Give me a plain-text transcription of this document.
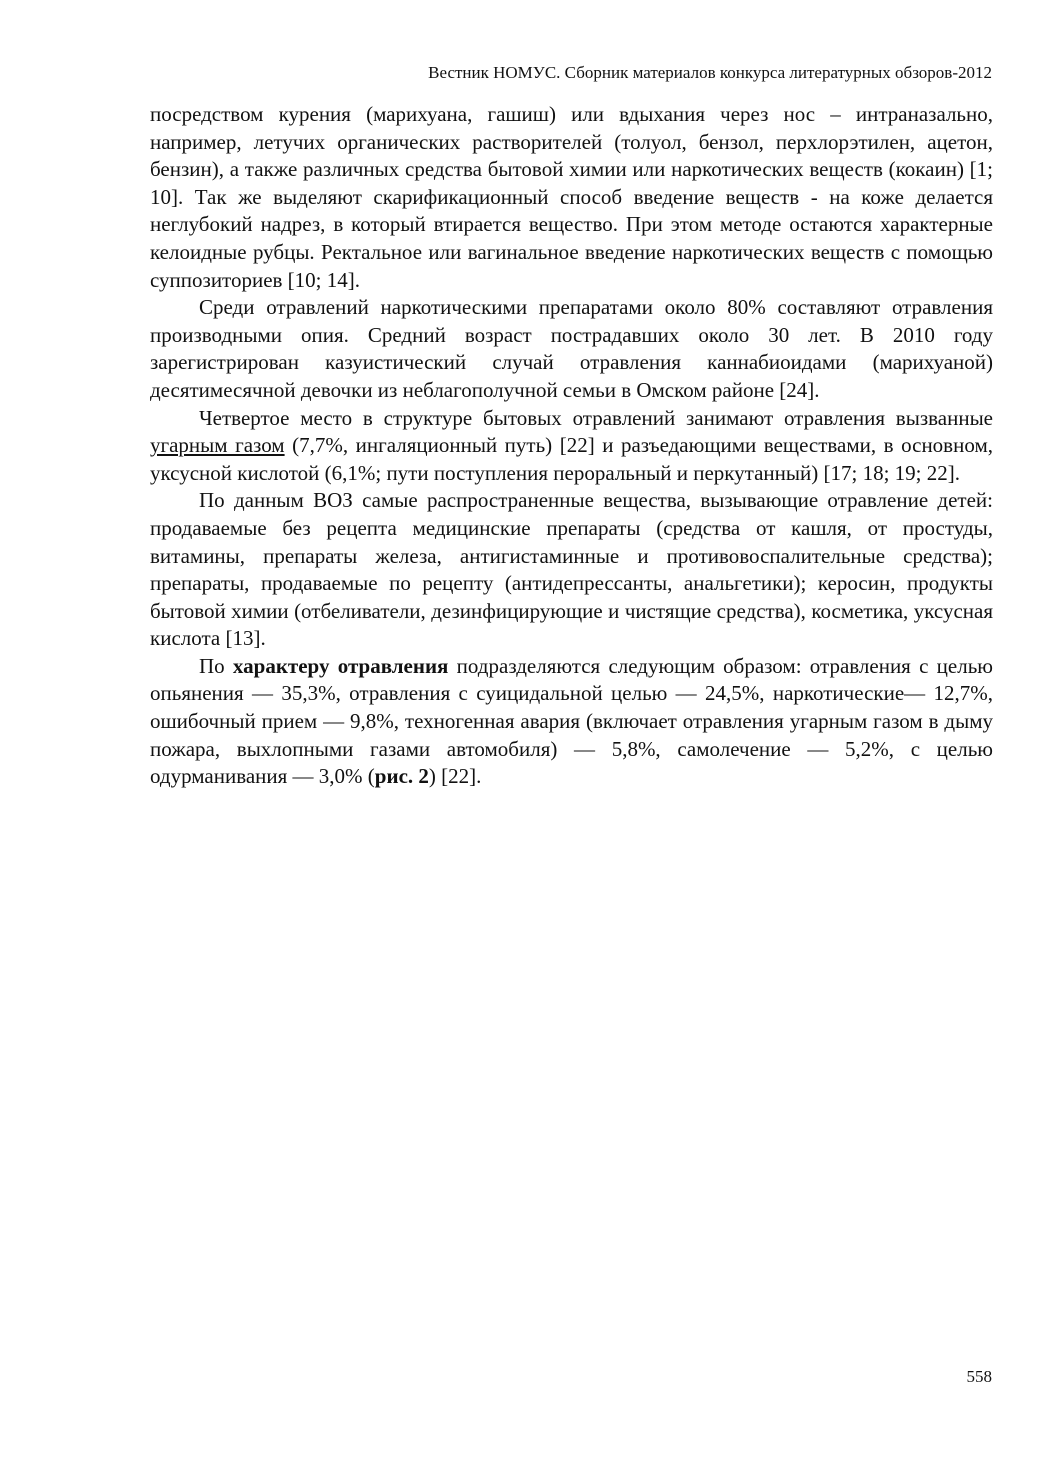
Вестник НОМУС. Сборник материалов конкурса литературных обзоров-2012

посредством курения (марихуана, гашиш) или вдыхания через нос – интраназально, например, летучих органических растворителей (толуол, бензол, перхлорэтилен, ацетон, бензин), а также различных средства бытовой химии или наркотических веществ (кокаин) [1; 10]. Так же выделяют скарификационный способ введение веществ - на коже делается неглубокий надрез, в который втирается вещество. При этом методе остаются характерные келоидные рубцы. Ректальное или вагинальное введение наркотических веществ с помощью суппозиториев [10; 14].

Среди отравлений наркотическими препаратами около 80% составляют отравления производными опия. Средний возраст пострадавших около 30 лет. В 2010 году зарегистрирован казуистический случай отравления каннабиоидами (марихуаной) десятимесячной девочки из неблагополучной семьи в Омском районе [24].

Четвертое место в структуре бытовых отравлений занимают отравления вызванные угарным газом (7,7%, ингаляционный путь) [22] и разъедающими веществами, в основном, уксусной кислотой (6,1%; пути поступления пероральный и перкутанный) [17; 18; 19; 22].

По данным ВОЗ самые распространенные вещества, вызывающие отравление детей: продаваемые без рецепта медицинские препараты (средства от кашля, от простуды, витамины, препараты железа, антигистаминные и противовоспалительные средства); препараты, продаваемые по рецепту (антидепрессанты, анальгетики); керосин, продукты бытовой химии (отбеливатели, дезинфицирующие и чистящие средства), косметика, уксусная кислота [13].

По характеру отравления подразделяются следующим образом: отравления с целью опьянения — 35,3%, отравления с суицидальной целью — 24,5%, наркотические— 12,7%, ошибочный прием — 9,8%, техногенная авария (включает отравления угарным газом в дыму пожара, выхлопными газами автомобиля) — 5,8%, самолечение — 5,2%, с целью одурманивания — 3,0% (рис. 2) [22].

558
